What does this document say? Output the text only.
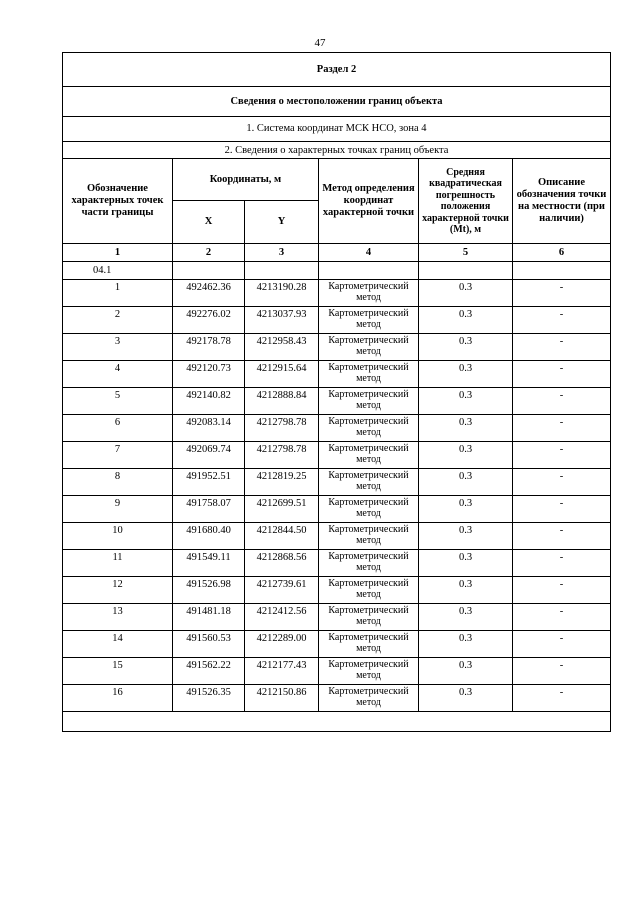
47
Раздел 2					
Сведения о местоположении границ объекта					
1. Система координат МСК НСО, зона 4					
2. Сведения о характерных точках границ объекта					
Обозначение характерных точек части границы	Координаты, м		Метод определения координат характерной точки	Средняя квадратическая погрешность положения характерной точки (Mt), м	Описание обозначения точки на местности (при наличии)
	X	Y			
1	2	3	4	5	6
04.1					
1	492462.36	4213190.28	Картометрический метод	0.3	-
2	492276.02	4213037.93	Картометрический метод	0.3	-
3	492178.78	4212958.43	Картометрический метод	0.3	-
4	492120.73	4212915.64	Картометрический метод	0.3	-
5	492140.82	4212888.84	Картометрический метод	0.3	-
6	492083.14	4212798.78	Картометрический метод	0.3	-
7	492069.74	4212798.78	Картометрический метод	0.3	-
8	491952.51	4212819.25	Картометрический метод	0.3	-
9	491758.07	4212699.51	Картометрический метод	0.3	-
10	491680.40	4212844.50	Картометрический метод	0.3	-
11	491549.11	4212868.56	Картометрический метод	0.3	-
12	491526.98	4212739.61	Картометрический метод	0.3	-
13	491481.18	4212412.56	Картометрический метод	0.3	-
14	491560.53	4212289.00	Картометрический метод	0.3	-
15	491562.22	4212177.43	Картометрический метод	0.3	-
16	491526.35	4212150.86	Картометрический метод	0.3	-
